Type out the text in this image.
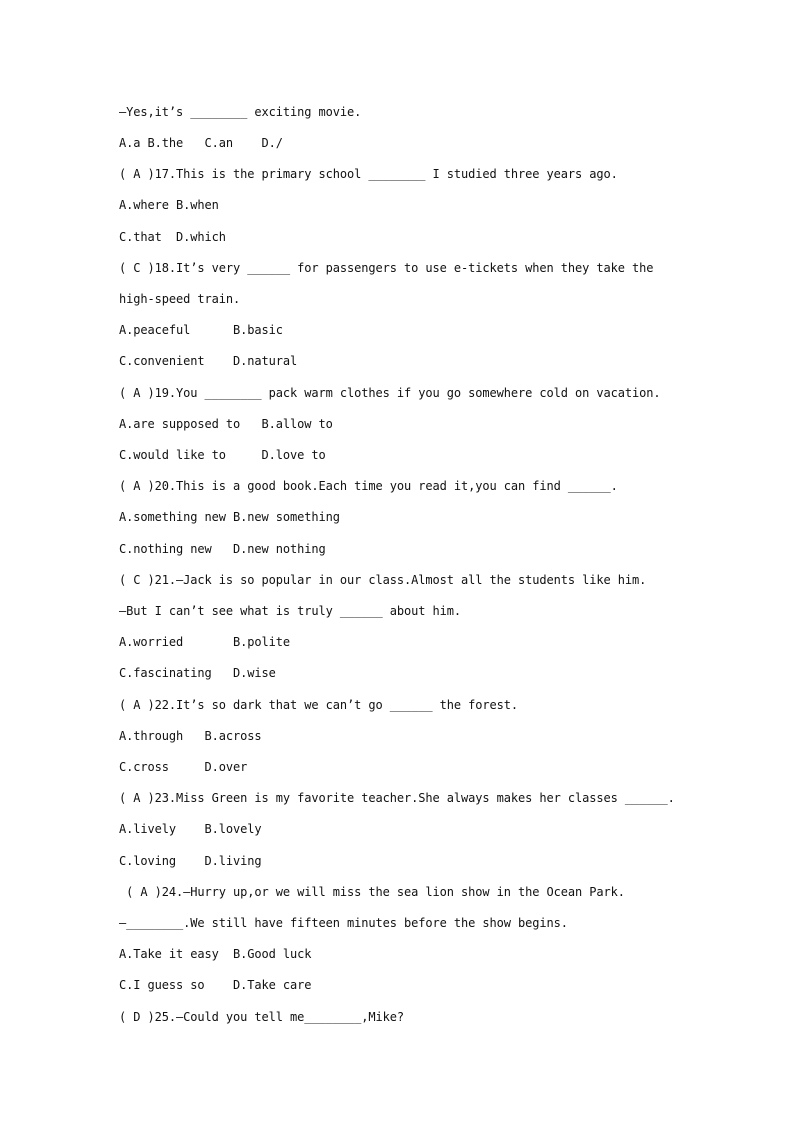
—Yes,it’s ________ exciting movie.
A.a B.the   C.an    D./
( A )17.This is the primary school ________ I studied three years ago.
A.where B.when
C.that  D.which
( C )18.It’s very ______ for passengers to use e-tickets when they take the
high-speed train.
A.peaceful      B.basic
C.convenient    D.natural
( A )19.You ________ pack warm clothes if you go somewhere cold on vacation.
A.are supposed to   B.allow to
C.would like to     D.love to
( A )20.This is a good book.Each time you read it,you can find ______.
A.something new B.new something
C.nothing new   D.new nothing
( C )21.—Jack is so popular in our class.Almost all the students like him.
—But I can’t see what is truly ______ about him.
A.worried       B.polite
C.fascinating   D.wise
( A )22.It’s so dark that we can’t go ______ the forest.
A.through   B.across
C.cross     D.over
( A )23.Miss Green is my favorite teacher.She always makes her classes ______.
A.lively    B.lovely
C.loving    D.living
( A )24.—Hurry up,or we will miss the sea lion show in the Ocean Park.
—________.We still have fifteen minutes before the show begins.
A.Take it easy  B.Good luck
C.I guess so    D.Take care
( D )25.—Could you tell me________,Mike?
